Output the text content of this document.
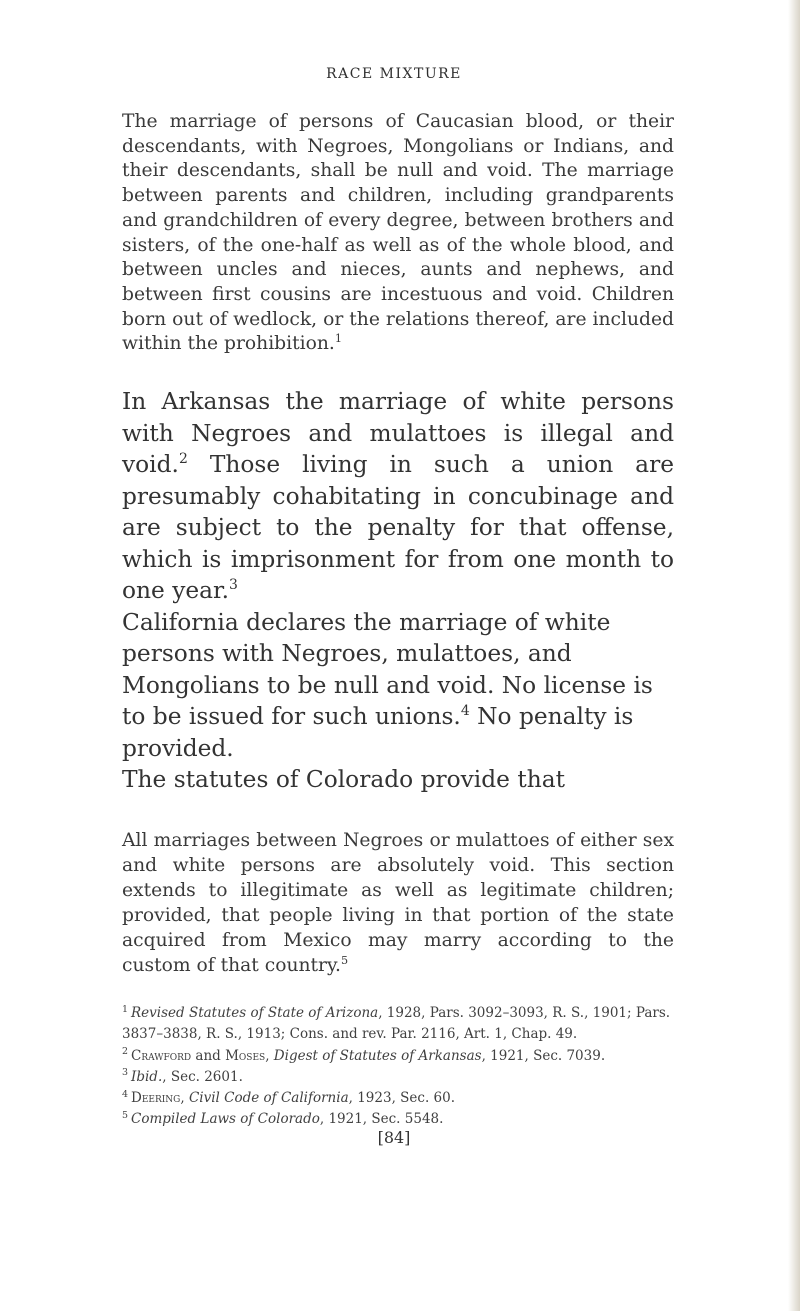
RACE MIXTURE
The marriage of persons of Caucasian blood, or their descendants, with Negroes, Mongolians or Indians, and their descendants, shall be null and void. The marriage between parents and children, including grandparents and grandchildren of every degree, between brothers and sisters, of the one-half as well as of the whole blood, and between uncles and nieces, aunts and nephews, and between first cousins are incestuous and void. Children born out of wedlock, or the relations thereof, are included within the prohibition.$^1$

In Arkansas the marriage of white persons with Negroes and mulattoes is illegal and void.$^2$ Those living in such a union are presumably cohabitating in concubinage and are subject to the penalty for that offense, which is imprisonment for from one month to one year.$^3$

California declares the marriage of white persons with Negroes, mulattoes, and Mongolians to be null and void. No license is to be issued for such unions.$^4$ No penalty is provided.

The statutes of Colorado provide that

All marriages between Negroes or mulattoes of either sex and white persons are absolutely void. This section extends to illegitimate as well as legitimate children; provided, that people living in that portion of the state acquired from Mexico may marry according to the custom of that country.$^5$

$^1$ Revised Statutes of State of Arizona, 1928, Pars. 3092–3093, R. S., 1901; Pars. 3837–3838, R. S., 1913; Cons. and rev. Par. 2116, Art. 1, Chap. 49.

$^2$ Crawford and Moses, Digest of Statutes of Arkansas, 1921, Sec. 7039.

$^3$ Ibid., Sec. 2601.

$^4$ Deering, Civil Code of California, 1923, Sec. 60.

$^5$ Compiled Laws of Colorado, 1921, Sec. 5548.

[84]
